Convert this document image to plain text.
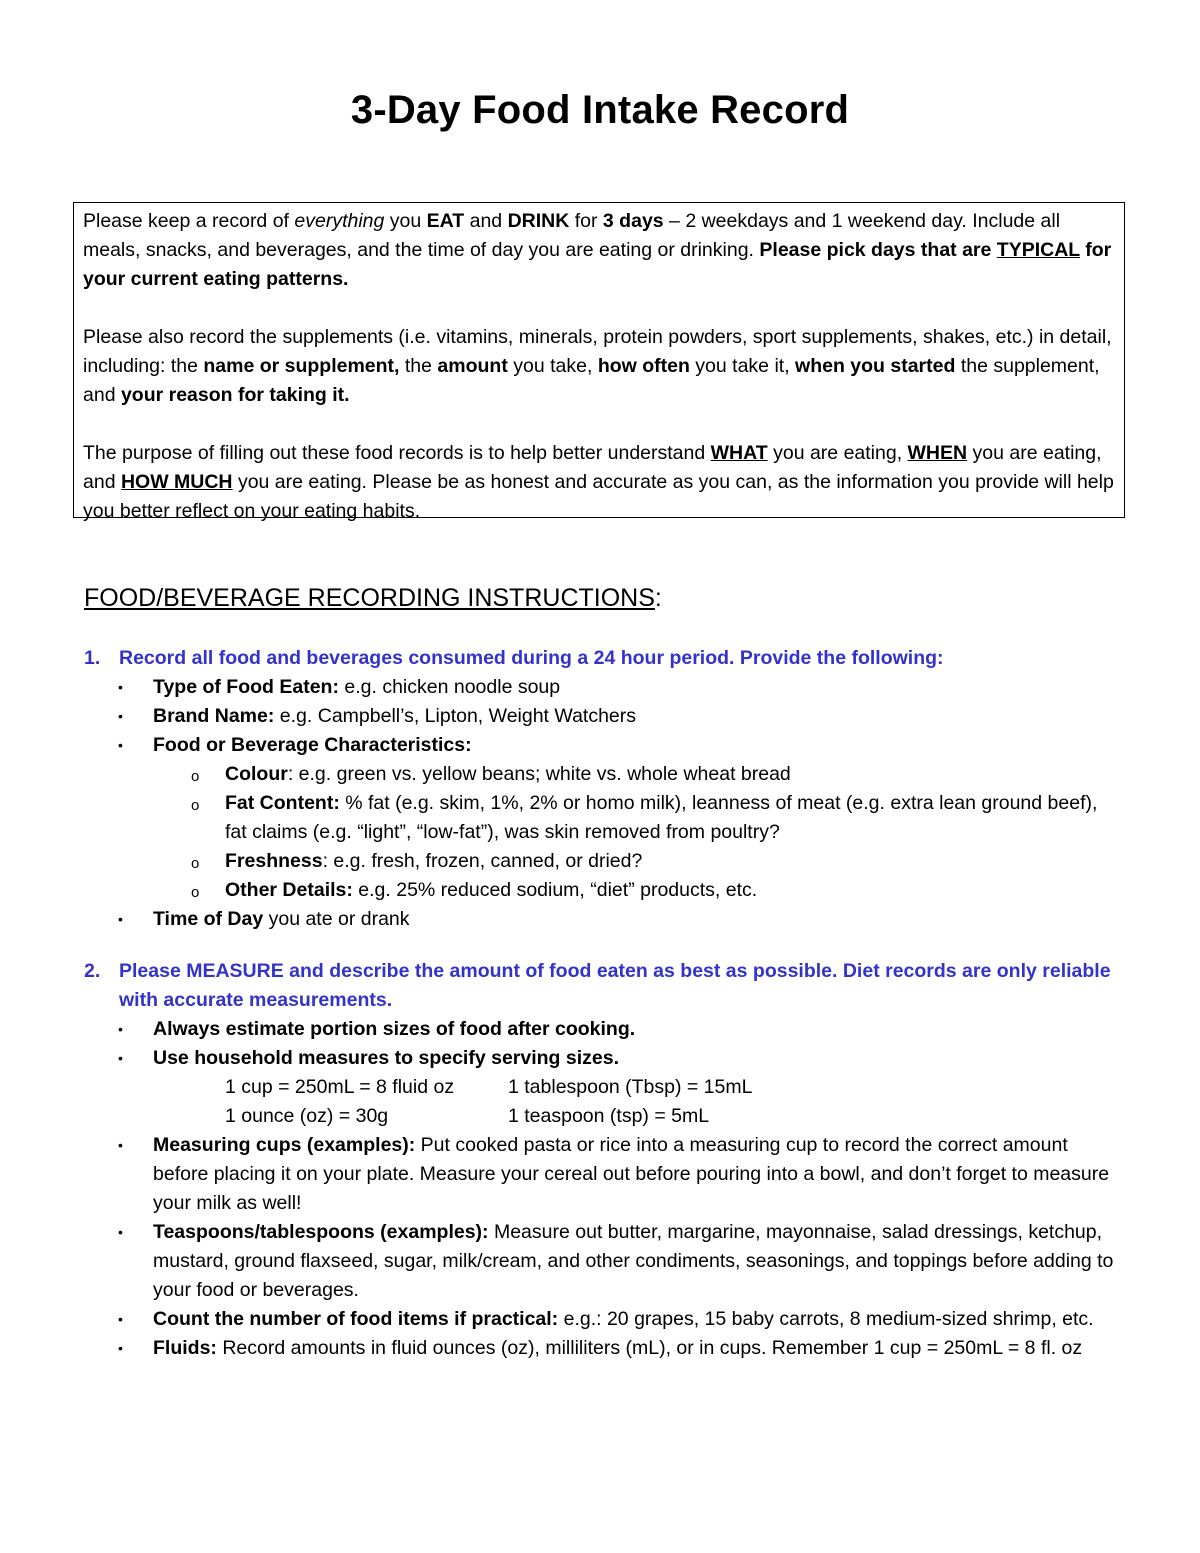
3-Day Food Intake Record

Please keep a record of everything you EAT and DRINK for 3 days – 2 weekdays and 1 weekend day. Include all meals, snacks, and beverages, and the time of day you are eating or drinking. Please pick days that are TYPICAL for your current eating patterns.

Please also record the supplements (i.e. vitamins, minerals, protein powders, sport supplements, shakes, etc.) in detail, including: the name or supplement, the amount you take, how often you take it, when you started the supplement, and your reason for taking it.

The purpose of filling out these food records is to help better understand WHAT you are eating, WHEN you are eating, and HOW MUCH you are eating. Please be as honest and accurate as you can, as the information you provide will help you better reflect on your eating habits.

FOOD/BEVERAGE RECORDING INSTRUCTIONS:
1. Record all food and beverages consumed during a 24 hour period. Provide the following:
• Type of Food Eaten: e.g. chicken noodle soup
• Brand Name: e.g. Campbell’s, Lipton, Weight Watchers
• Food or Beverage Characteristics:
o Colour: e.g. green vs. yellow beans; white vs. whole wheat bread
o Fat Content: % fat (e.g. skim, 1%, 2% or homo milk), leanness of meat (e.g. extra lean ground beef), fat claims (e.g. “light”, “low-fat”), was skin removed from poultry?
o Freshness: e.g. fresh, frozen, canned, or dried?
o Other Details: e.g. 25% reduced sodium, “diet” products, etc.
• Time of Day you ate or drank
2. Please MEASURE and describe the amount of food eaten as best as possible. Diet records are only reliable with accurate measurements.
• Always estimate portion sizes of food after cooking.
• Use household measures to specify serving sizes.
1 cup = 250mL = 8 fluid oz	1 tablespoon (Tbsp) = 15mL
1 ounce (oz) = 30g	1 teaspoon (tsp) = 5mL
• Measuring cups (examples): Put cooked pasta or rice into a measuring cup to record the correct amount before placing it on your plate. Measure your cereal out before pouring into a bowl, and don’t forget to measure your milk as well!
• Teaspoons/tablespoons (examples): Measure out butter, margarine, mayonnaise, salad dressings, ketchup, mustard, ground flaxseed, sugar, milk/cream, and other condiments, seasonings, and toppings before adding to your food or beverages.
• Count the number of food items if practical: e.g.: 20 grapes, 15 baby carrots, 8 medium-sized shrimp, etc.
• Fluids: Record amounts in fluid ounces (oz), milliliters (mL), or in cups. Remember 1 cup = 250mL = 8 fl. oz
